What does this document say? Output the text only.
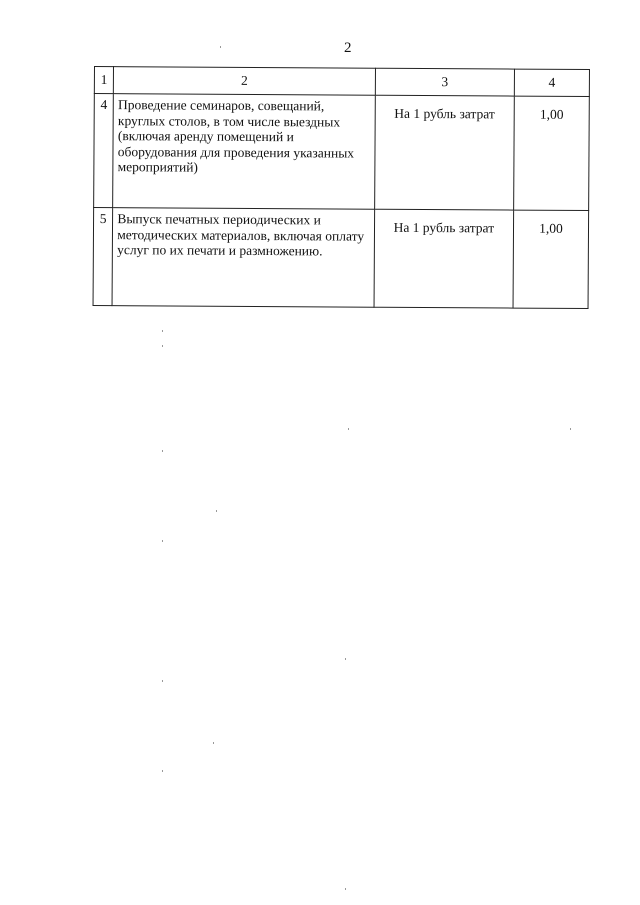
2
1	2	3	4
4	Проведение семинаров, совещаний, круглых столов, в том числе выездных (включая аренду помещений и оборудования для проведения указанных мероприятий)	На 1 рубль затрат	1,00
5	Выпуск печатных периодических и методических материалов, включая оплату услуг по их печати и размножению.	На 1 рубль затрат	1,00
